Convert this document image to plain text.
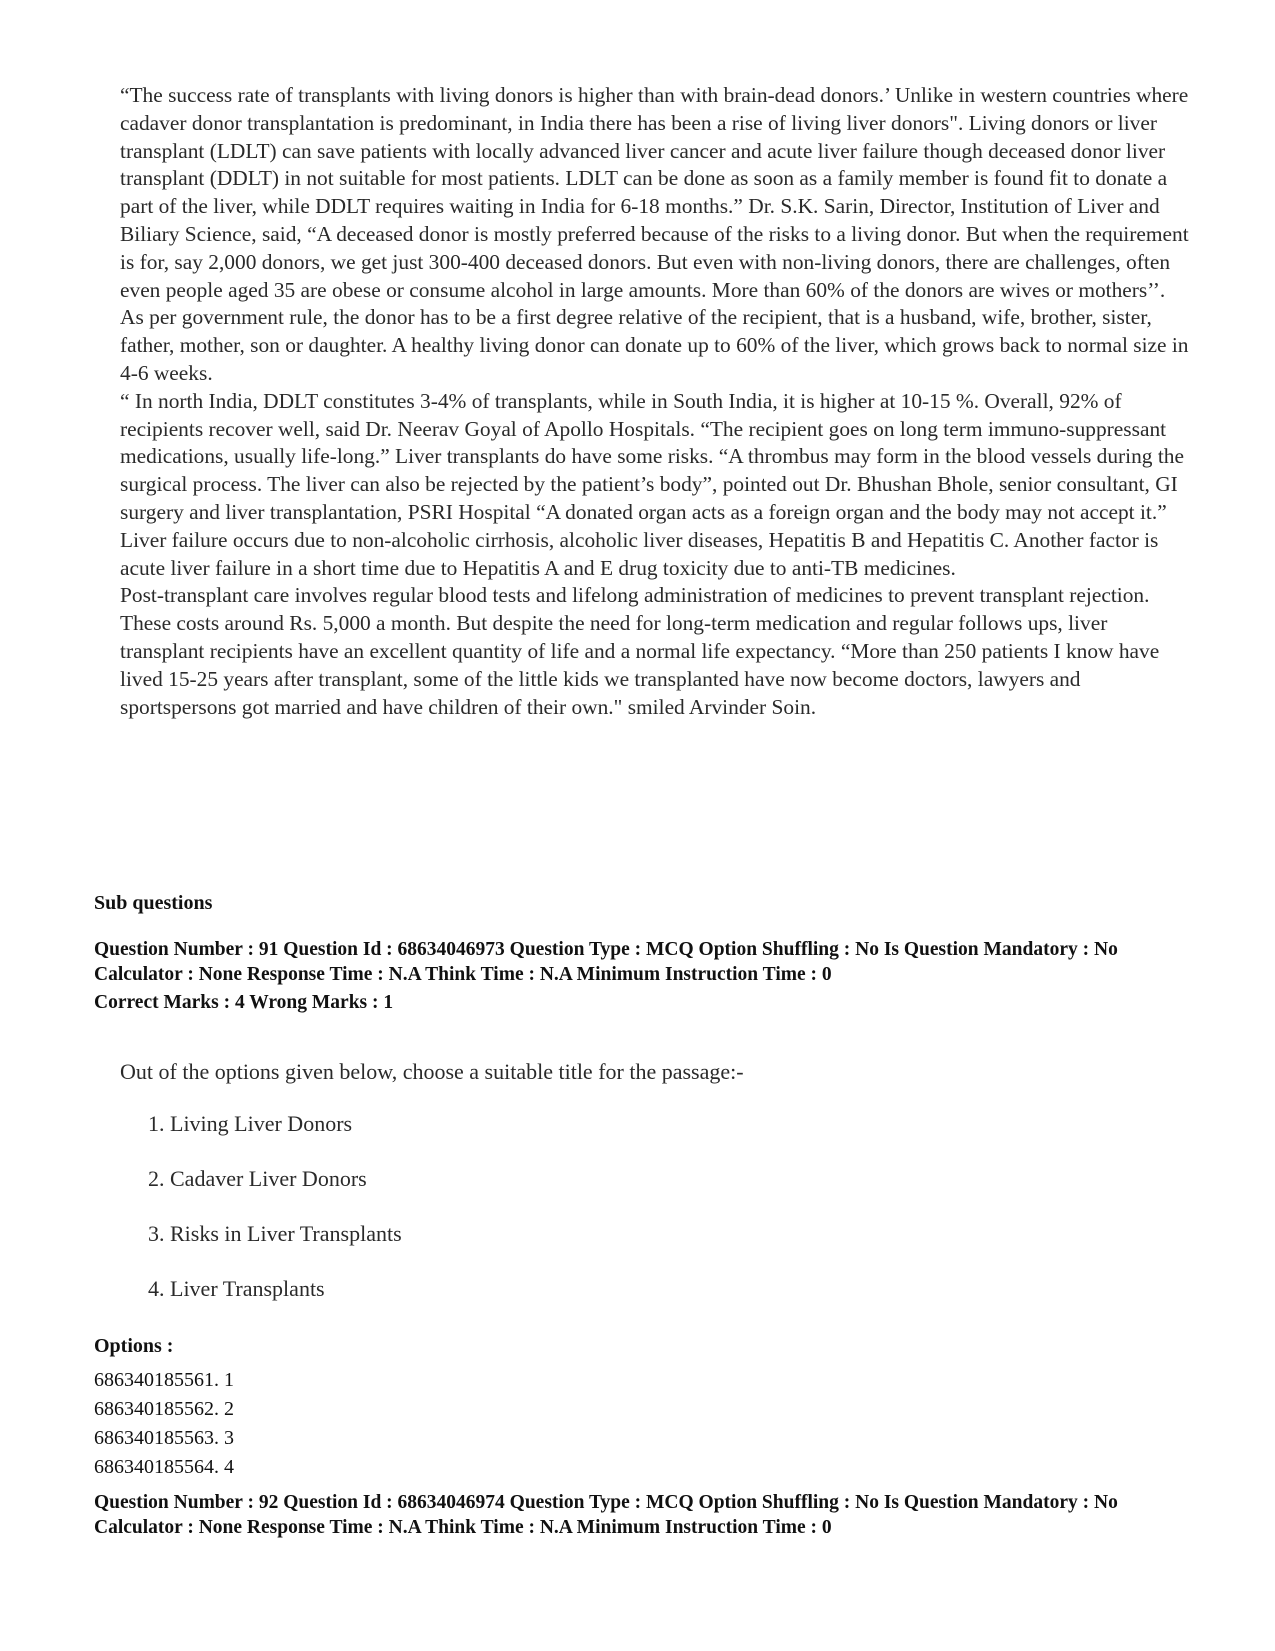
“The success rate of transplants with living donors is higher than with brain-dead donors.’ Unlike in western countries where cadaver donor transplantation is predominant, in India there has been a rise of living liver donors". Living donors or liver transplant (LDLT) can save patients with locally advanced liver cancer and acute liver failure though deceased donor liver transplant (DDLT) in not suitable for most patients. LDLT can be done as soon as a family member is found fit to donate a part of the liver, while DDLT requires waiting in India for 6-18 months.” Dr. S.K. Sarin, Director, Institution of Liver and Biliary Science, said, “A deceased donor is mostly preferred because of the risks to a living donor. But when the requirement is for, say 2,000 donors, we get just 300-400 deceased donors. But even with non-living donors, there are challenges, often even people aged 35 are obese or consume alcohol in large amounts. More than 60% of the donors are wives or mothers’’.

As per government rule, the donor has to be a first degree relative of the recipient, that is a husband, wife, brother, sister, father, mother, son or daughter. A healthy living donor can donate up to 60% of the liver, which grows back to normal size in 4-6 weeks.

“ In north India, DDLT constitutes 3-4% of transplants, while in South India, it is higher at 10-15 %. Overall, 92% of recipients recover well, said Dr. Neerav Goyal of Apollo Hospitals. “The recipient goes on long term immuno-suppressant medications, usually life-long.” Liver transplants do have some risks. “A thrombus may form in the blood vessels during the surgical process. The liver can also be rejected by the patient’s body”, pointed out Dr. Bhushan Bhole, senior consultant, GI surgery and liver transplantation, PSRI Hospital “A donated organ acts as a foreign organ and the body may not accept it.”

Liver failure occurs due to non-alcoholic cirrhosis, alcoholic liver diseases, Hepatitis B and Hepatitis C. Another factor is acute liver failure in a short time due to Hepatitis A and E drug toxicity due to anti-TB medicines.

Post-transplant care involves regular blood tests and lifelong administration of medicines to prevent transplant rejection. These costs around Rs. 5,000 a month. But despite the need for long-term medication and regular follows ups, liver transplant recipients have an excellent quantity of life and a normal life expectancy. “More than 250 patients I know have lived 15-25 years after transplant, some of the little kids we transplanted have now become doctors, lawyers and sportspersons got married and have children of their own." smiled Arvinder Soin.

Sub questions

Question Number : 91 Question Id : 68634046973 Question Type : MCQ Option Shuffling : No Is Question Mandatory : No Calculator : None Response Time : N.A Think Time : N.A Minimum Instruction Time : 0

Correct Marks : 4 Wrong Marks : 1

Out of the options given below, choose a suitable title for the passage:-
1. Living Liver Donors
2. Cadaver Liver Donors
3. Risks in Liver Transplants
4. Liver Transplants
Options :
686340185561. 1
686340185562. 2
686340185563. 3
686340185564. 4

Question Number : 92 Question Id : 68634046974 Question Type : MCQ Option Shuffling : No Is Question Mandatory : No Calculator : None Response Time : N.A Think Time : N.A Minimum Instruction Time : 0
